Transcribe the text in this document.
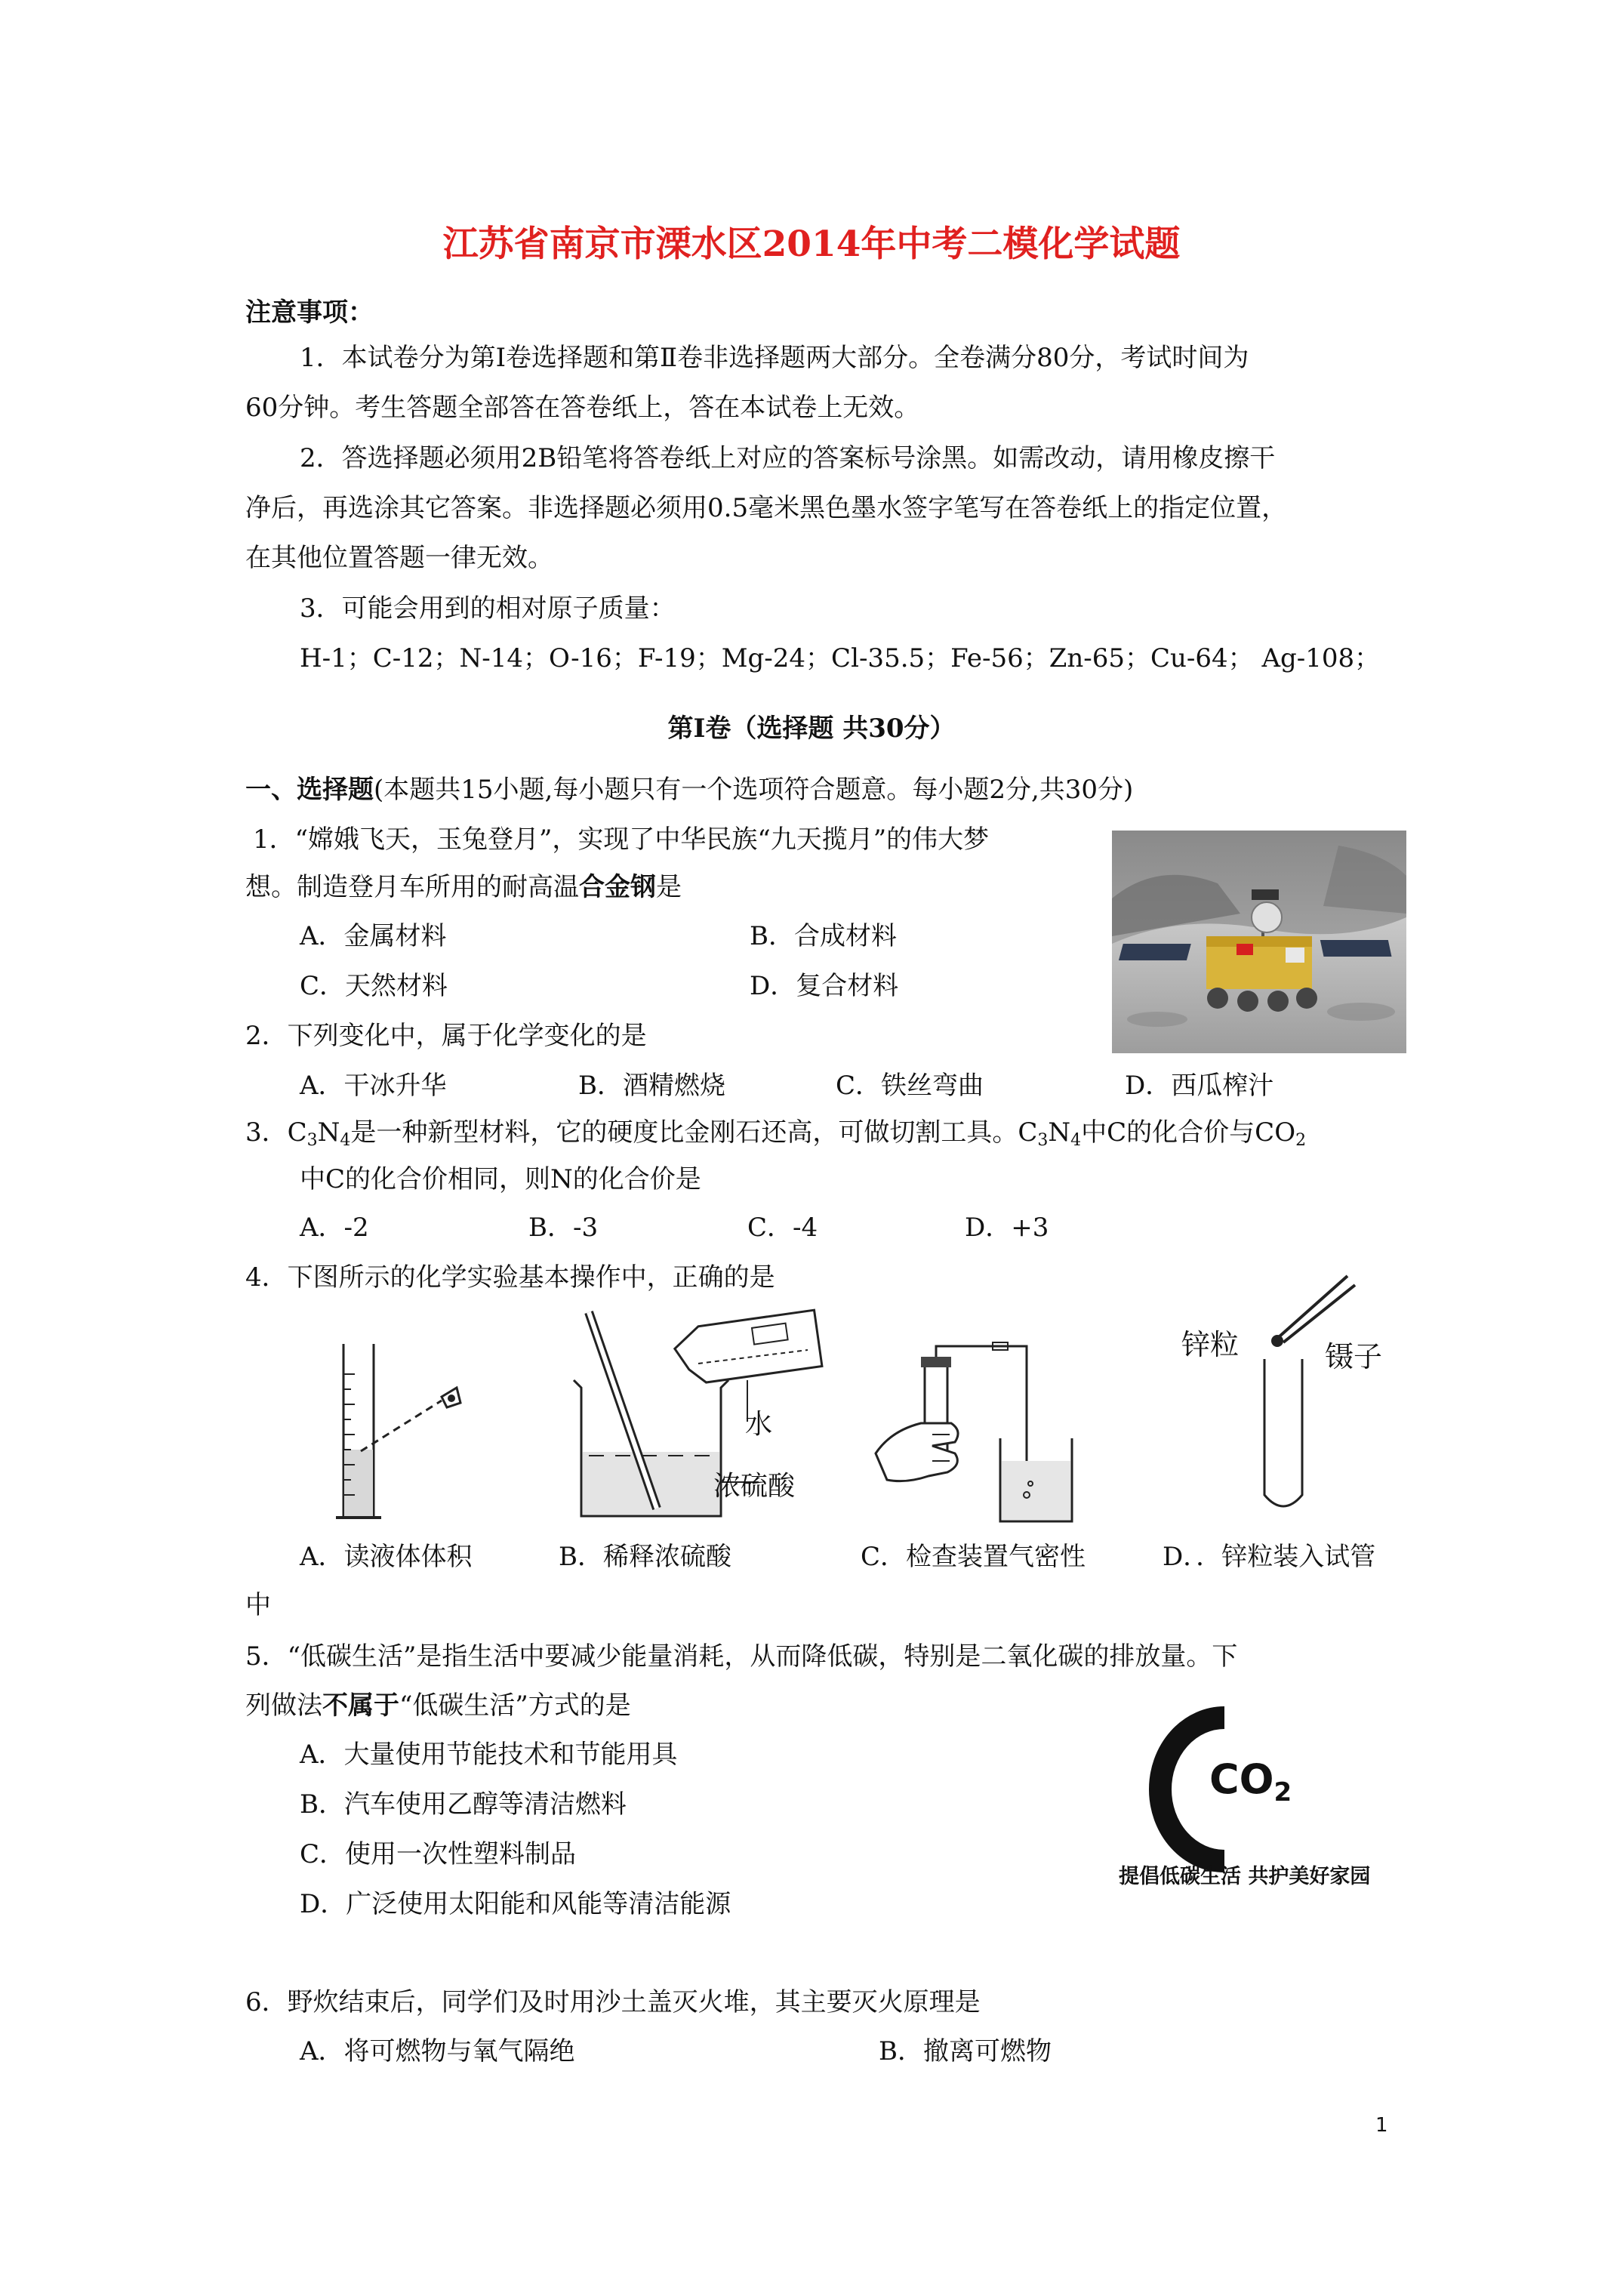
江苏省南京市溧水区2014年中考二模化学试题
注意事项：
1．本试卷分为第Ⅰ卷选择题和第Ⅱ卷非选择题两大部分。全卷满分80分，考试时间为
60分钟。考生答题全部答在答卷纸上，答在本试卷上无效。
2．答选择题必须用2B铅笔将答卷纸上对应的答案标号涂黑。如需改动，请用橡皮擦干
净后，再选涂其它答案。非选择题必须用0.5毫米黑色墨水签字笔写在答卷纸上的指定位置，
在其他位置答题一律无效。
3．可能会用到的相对原子质量：
H-1；C-12；N-14；O-16；F-19；Mg-24；Cl-35.5；Fe-56；Zn-65；Cu-64； Ag-108；
第Ⅰ卷（选择题 共30分）
一、选择题(本题共15小题,每小题只有一个选项符合题意。每小题2分,共30分)
1．“嫦娥飞天，玉兔登月”，实现了中华民族“九天揽月”的伟大梦
想。制造登月车所用的耐高温合金钢是
A．金属材料	B．合成材料
C．天然材料	D．复合材料
2．下列变化中，属于化学变化的是
A．干冰升华	B．酒精燃烧	C．铁丝弯曲	D．西瓜榨汁
3．$C_3N_4$是一种新型材料，它的硬度比金刚石还高，可做切割工具。$C_3N_4$中C的化合价与$CO_2$
中C的化合价相同，则N的化合价是
A．-2	B．-3	C．-4	D．+3
4．下图所示的化学实验基本操作中，正确的是
水
浓硫酸
锌粒	镊子
A．读液体体积	B．稀释浓硫酸	C．检查装置气密性	D．．锌粒装入试管
中
5．“低碳生活”是指生活中要减少能量消耗，从而降低碳，特别是二氧化碳的排放量。下
列做法不属于“低碳生活”方式的是
A．大量使用节能技术和节能用具
B．汽车使用乙醇等清洁燃料
C．使用一次性塑料制品
D．广泛使用太阳能和风能等清洁能源
$CO_2$
提倡低碳生活 共护美好家园
6．野炊结束后，同学们及时用沙土盖灭火堆，其主要灭火原理是
A．将可燃物与氧气隔绝	B．撤离可燃物
1
